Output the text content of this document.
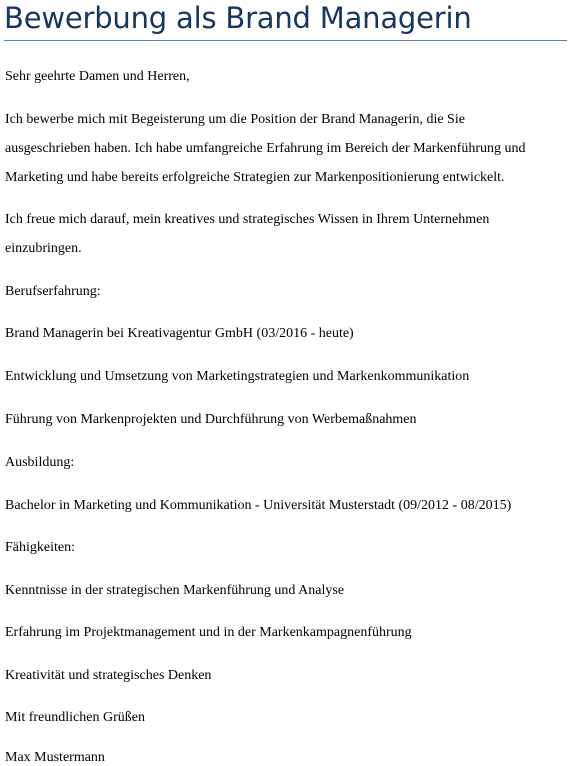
Bewerbung als Brand Managerin

Sehr geehrte Damen und Herren,

Ich bewerbe mich mit Begeisterung um die Position der Brand Managerin, die Sie

ausgeschrieben haben. Ich habe umfangreiche Erfahrung im Bereich der Markenführung und

Marketing und habe bereits erfolgreiche Strategien zur Markenpositionierung entwickelt.

Ich freue mich darauf, mein kreatives und strategisches Wissen in Ihrem Unternehmen

einzubringen.

Berufserfahrung:

Brand Managerin bei Kreativagentur GmbH (03/2016 - heute)

Entwicklung und Umsetzung von Marketingstrategien und Markenkommunikation

Führung von Markenprojekten und Durchführung von Werbemaßnahmen

Ausbildung:

Bachelor in Marketing und Kommunikation - Universität Musterstadt (09/2012 - 08/2015)

Fähigkeiten:

Kenntnisse in der strategischen Markenführung und Analyse

Erfahrung im Projektmanagement und in der Markenkampagnenführung

Kreativität und strategisches Denken

Mit freundlichen Grüßen

Max Mustermann
